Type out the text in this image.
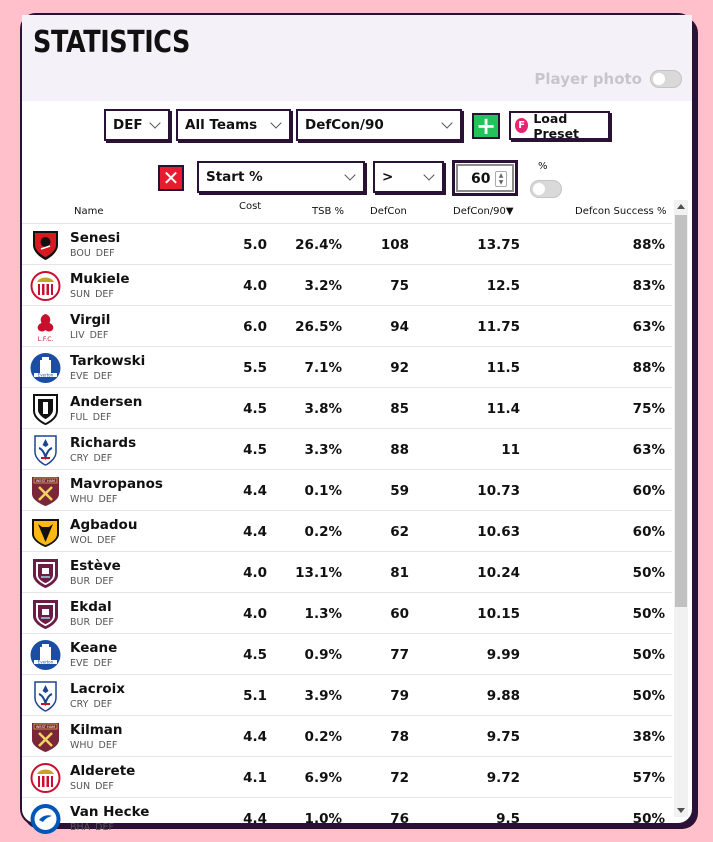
STATISTICS
Player photo
DEF	All Teams	DefCon/90	+	F Load Preset
✕	Start %	>	60	▲
▼
%
Name	Cost	TSB %	DefCon	DefCon/90▼	Defcon Success %
Senesi
BOU DEF
5.0 26.4%	108	13.75	88%
Mukiele
SUN DEF
4.0	3.2%	75	12.5	83%
L.F.C.
Virgil
LIV DEF
6.0 26.5%	94	11.75	63%
Everton
Tarkowski
EVE DEF
5.5	7.1%	92	11.5	88%
Andersen
FUL DEF
4.5	3.8%	85	11.4	75%
Richards
CRY DEF
4.5	3.3%	88	11	63%
WEST HAM Mavropanos
WHU DEF
4.4	0.1%	59	10.73	60%
Agbadou
WOL DEF
4.4	0.2%	62	10.63	60%
Estève
BUR DEF
4.0 13.1%	81	10.24	50%
Ekdal
BUR DEF
4.0	1.3%	60	10.15	50%
Everton
Keane
EVE DEF
4.5	0.9%	77	9.99	50%
Lacroix
CRY DEF
5.1	3.9%	79	9.88	50%
WEST HAM Kilman
WHU DEF
4.4	0.2%	78	9.75	38%
Alderete
SUN DEF
4.1	6.9%	72	9.72	57%
Van Hecke
BHA DEF
4.4	1.0%	76	9.5	50%
